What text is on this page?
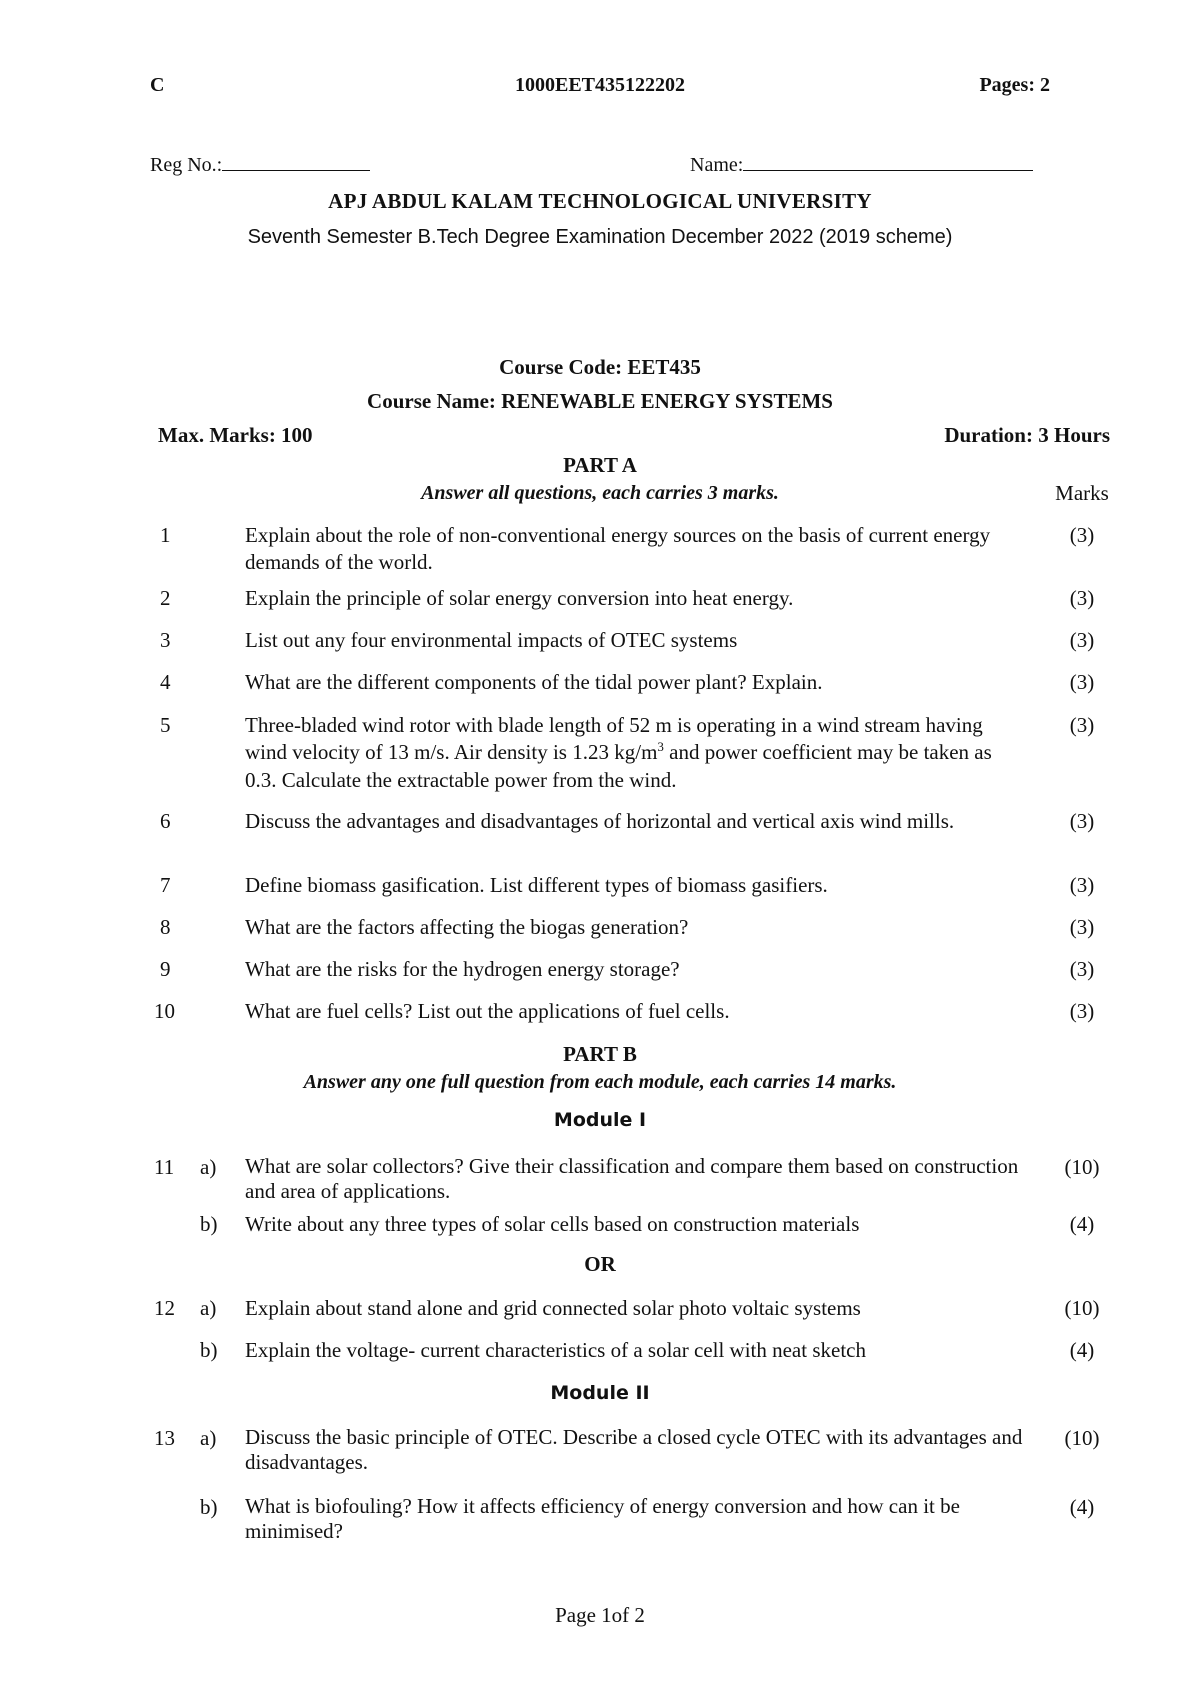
C	1000EET435122202	Pages: 2
Reg No.:	Name:
APJ ABDUL KALAM TECHNOLOGICAL UNIVERSITY
Seventh Semester B.Tech Degree Examination December 2022 (2019 scheme)
Course Code: EET435
Course Name: RENEWABLE ENERGY SYSTEMS
Max. Marks: 100	Duration: 3 Hours
PART A
Answer all questions, each carries 3 marks.	Marks
1	Explain about the role of non-conventional energy sources on the basis of current energy demands of the world.
(3)
2	Explain the principle of solar energy conversion into heat energy.	(3)
3	List out any four environmental impacts of OTEC systems	(3)
4	What are the different components of the tidal power plant? Explain.	(3)
5	Three-bladed wind rotor with blade length of 52 m is operating in a wind stream having wind velocity of 13 m/s. Air density is 1.23 $kg/m^3$ and power coefficient may be taken as 0.3. Calculate the extractable power from the wind.
(3)
6	Discuss the advantages and disadvantages of horizontal and vertical axis wind mills.	(3)
7	Define biomass gasification. List different types of biomass gasifiers.	(3)
8	What are the factors affecting the biogas generation?	(3)
9	What are the risks for the hydrogen energy storage?	(3)
10	What are fuel cells? List out the applications of fuel cells.	(3)
PART B
Answer any one full question from each module, each carries 14 marks.
Module I
11 a) What are solar collectors? Give their classification and compare them based on construction and area of applications.
(10)
b) Write about any three types of solar cells based on construction materials	(4)
OR
12 a) Explain about stand alone and grid connected solar photo voltaic systems	(10)
b) Explain the voltage- current characteristics of a solar cell with neat sketch	(4)
Module II
13 a) Discuss the basic principle of OTEC. Describe a closed cycle OTEC with its advantages and disadvantages.
(10)
b) What is biofouling? How it affects efficiency of energy conversion and how can it be minimised?
(4)
Page 1of 2
